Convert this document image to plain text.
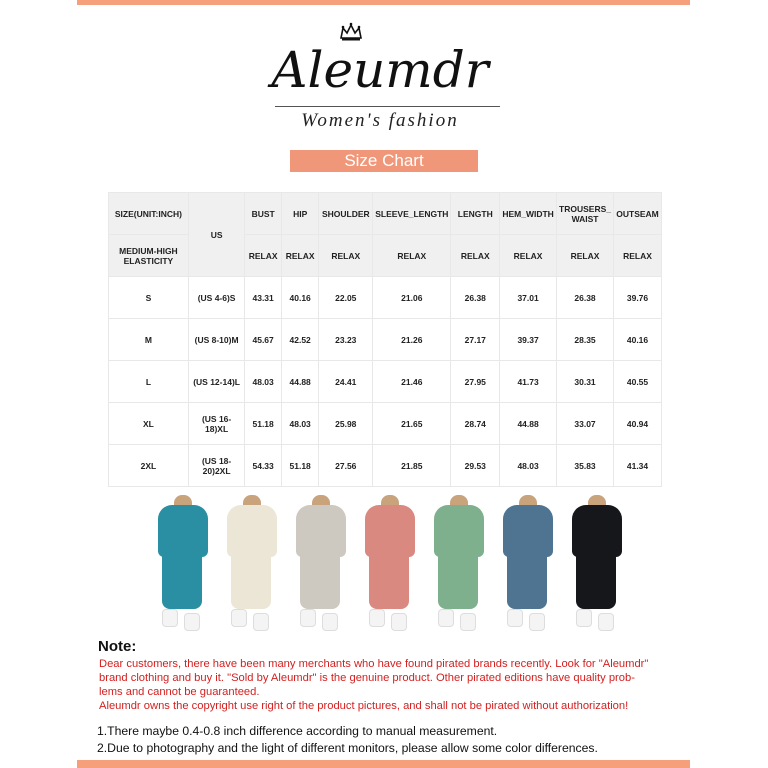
Aleumdr
Women's fashion
Size Chart
SIZE(UNIT:INCH)	US	BUST	HIP	SHOULDER	SLEEVE_LENGTH	LENGTH	HEM_WIDTH	TROUSERS_ WAIST	OUTSEAM
MEDIUM-HIGH ELASTICITY		RELAX	RELAX	RELAX	RELAX	RELAX	RELAX	RELAX	RELAX
S	(US 4-6)S	43.31	40.16	22.05	21.06	26.38	37.01	26.38	39.76
M	(US 8-10)M	45.67	42.52	23.23	21.26	27.17	39.37	28.35	40.16
L	(US 12-14)L	48.03	44.88	24.41	21.46	27.95	41.73	30.31	40.55
XL	(US 16-18)XL	51.18	48.03	25.98	21.65	28.74	44.88	33.07	40.94
2XL	(US 18-20)2XL	54.33	51.18	27.56	21.85	29.53	48.03	35.83	41.34
Note:
Dear customers, there have been many merchants who have found pirated brands recently. Look for "Aleumdr"
brand clothing and buy it. "Sold by Aleumdr" is the genuine product. Other pirated editions have quality prob-
lems and cannot be guaranteed.
Aleumdr owns the copyright use right of the product pictures, and shall not be pirated without authorization!
1.There maybe 0.4-0.8 inch difference according to manual measurement.
2.Due to photography and the light of different monitors, please allow some color differences.
